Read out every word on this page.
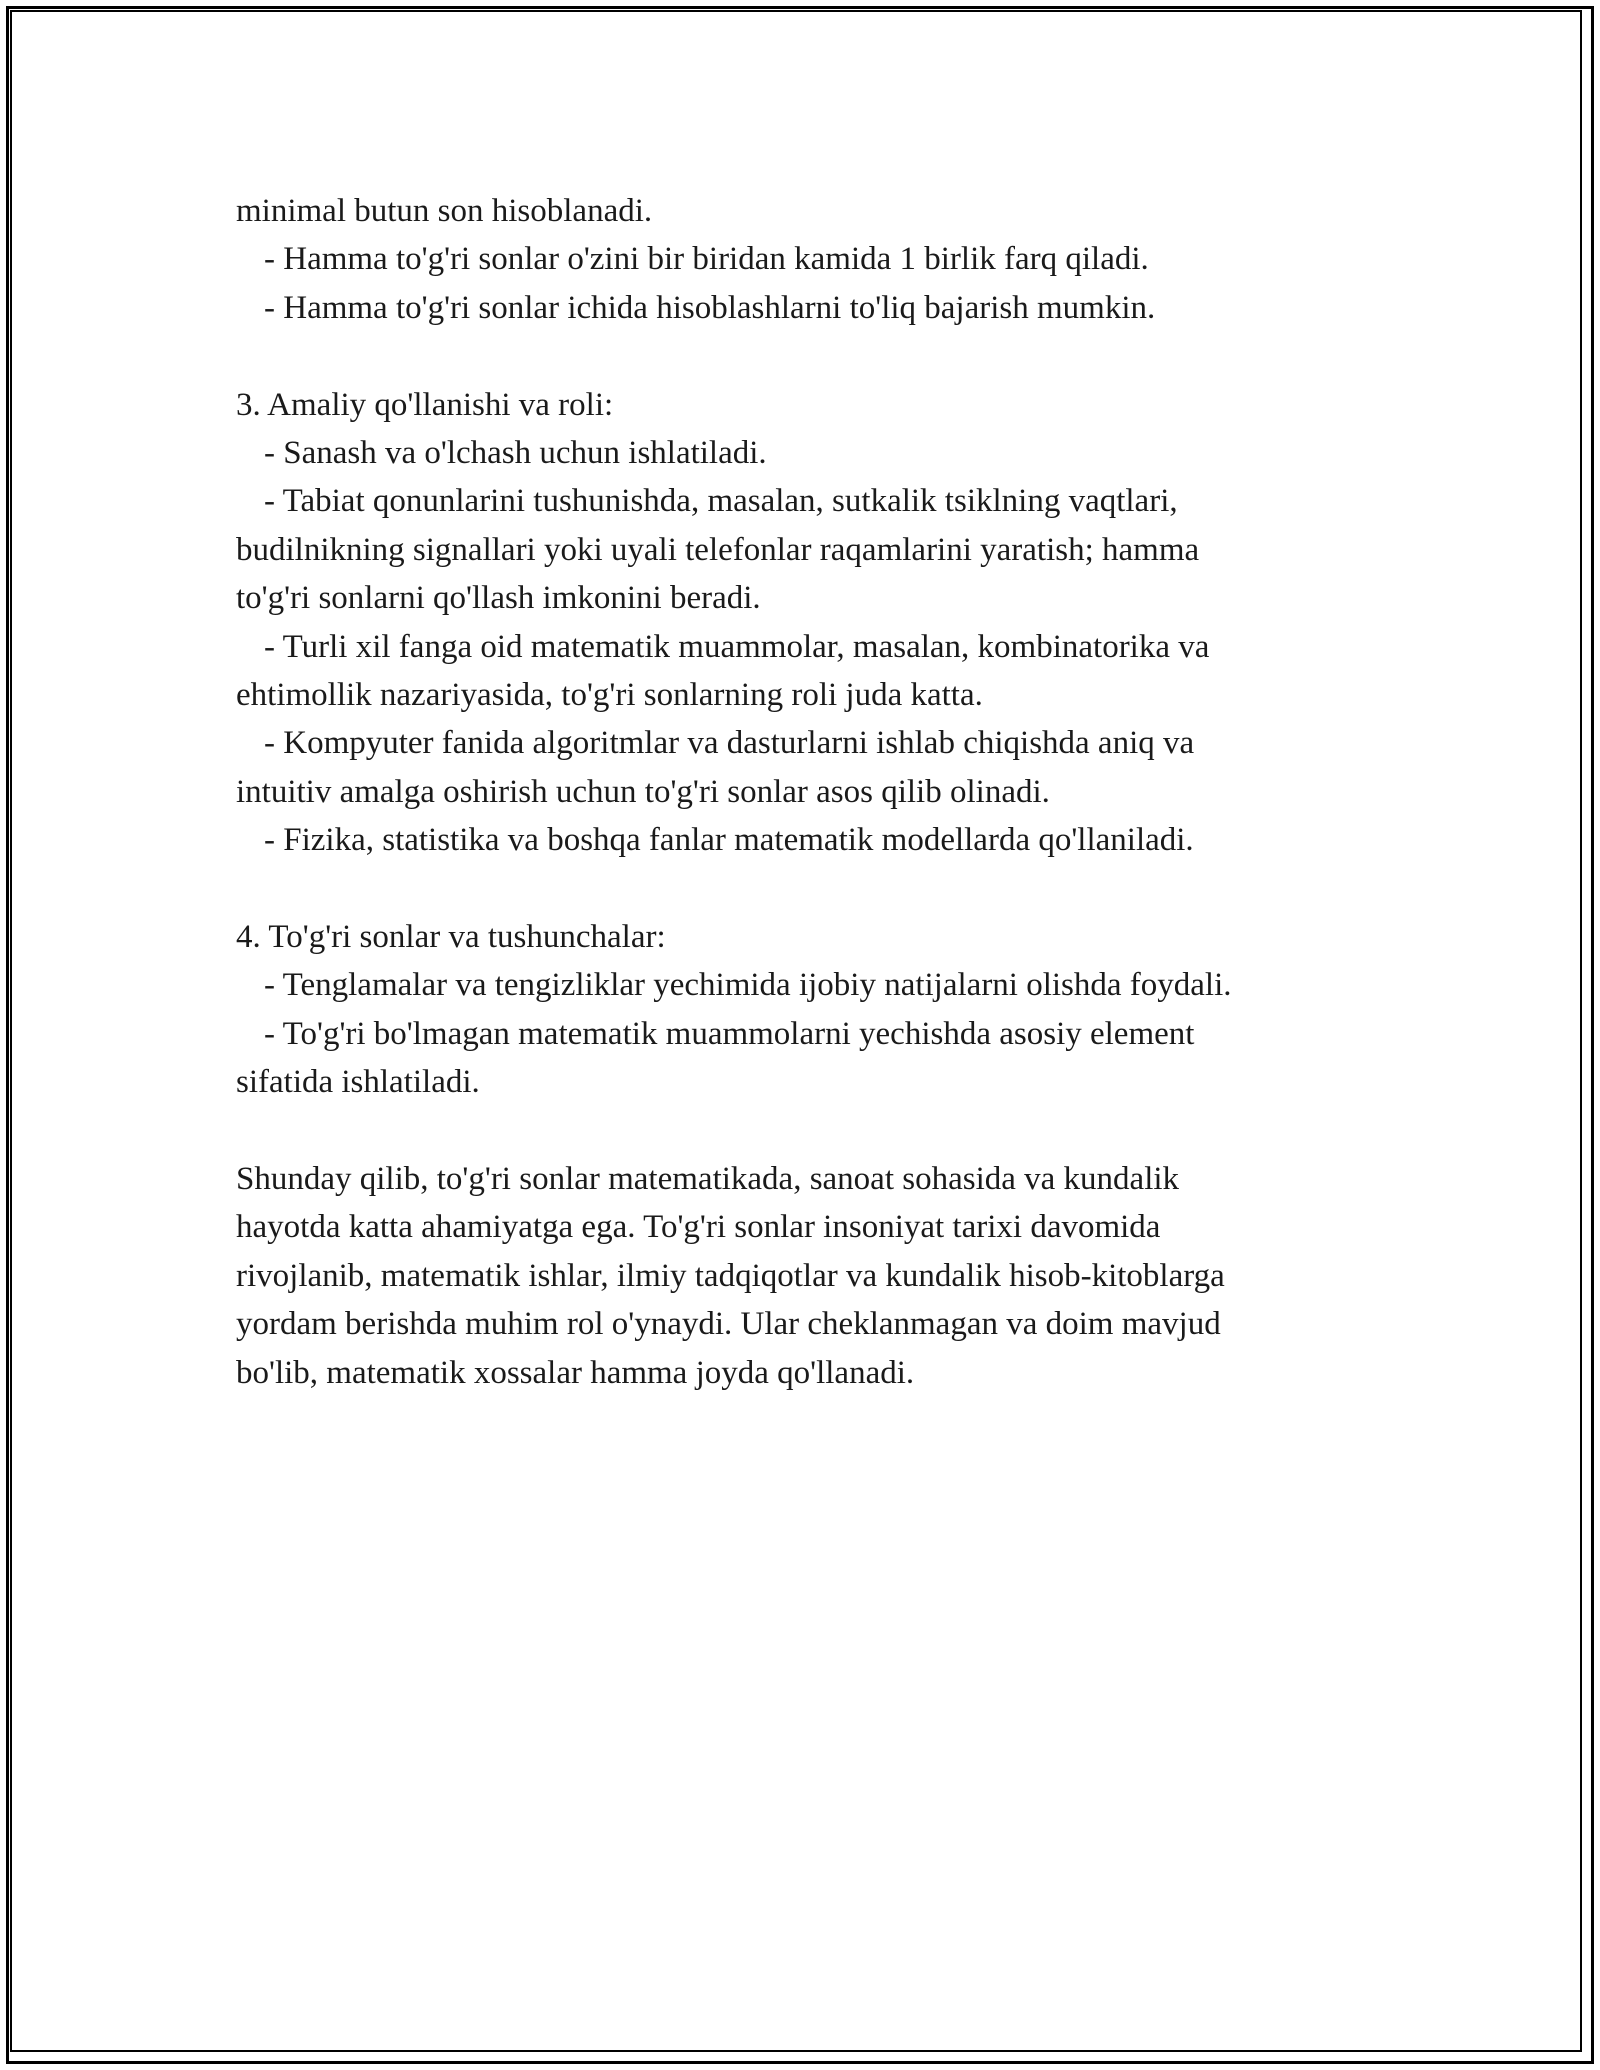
minimal butun son hisoblanadi.
- Hamma to'g'ri sonlar o'zini bir biridan kamida 1 birlik farq qiladi.
- Hamma to'g'ri sonlar ichida hisoblashlarni to'liq bajarish mumkin.
3. Amaliy qo'llanishi va roli:
- Sanash va o'lchash uchun ishlatiladi.
- Tabiat qonunlarini tushunishda, masalan, sutkalik tsiklning vaqtlari,
budilnikning signallari yoki uyali telefonlar raqamlarini yaratish; hamma
to'g'ri sonlarni qo'llash imkonini beradi.
- Turli xil fanga oid matematik muammolar, masalan, kombinatorika va
ehtimollik nazariyasida, to'g'ri sonlarning roli juda katta.
- Kompyuter fanida algoritmlar va dasturlarni ishlab chiqishda aniq va
intuitiv amalga oshirish uchun to'g'ri sonlar asos qilib olinadi.
- Fizika, statistika va boshqa fanlar matematik modellarda qo'llaniladi.
4. To'g'ri sonlar va tushunchalar:
- Tenglamalar va tengizliklar yechimida ijobiy natijalarni olishda foydali.
- To'g'ri bo'lmagan matematik muammolarni yechishda asosiy element
sifatida ishlatiladi.
Shunday qilib, to'g'ri sonlar matematikada, sanoat sohasida va kundalik
hayotda katta ahamiyatga ega. To'g'ri sonlar insoniyat tarixi davomida
rivojlanib, matematik ishlar, ilmiy tadqiqotlar va kundalik hisob-kitoblarga
yordam berishda muhim rol o'ynaydi. Ular cheklanmagan va doim mavjud
bo'lib, matematik xossalar hamma joyda qo'llanadi.
